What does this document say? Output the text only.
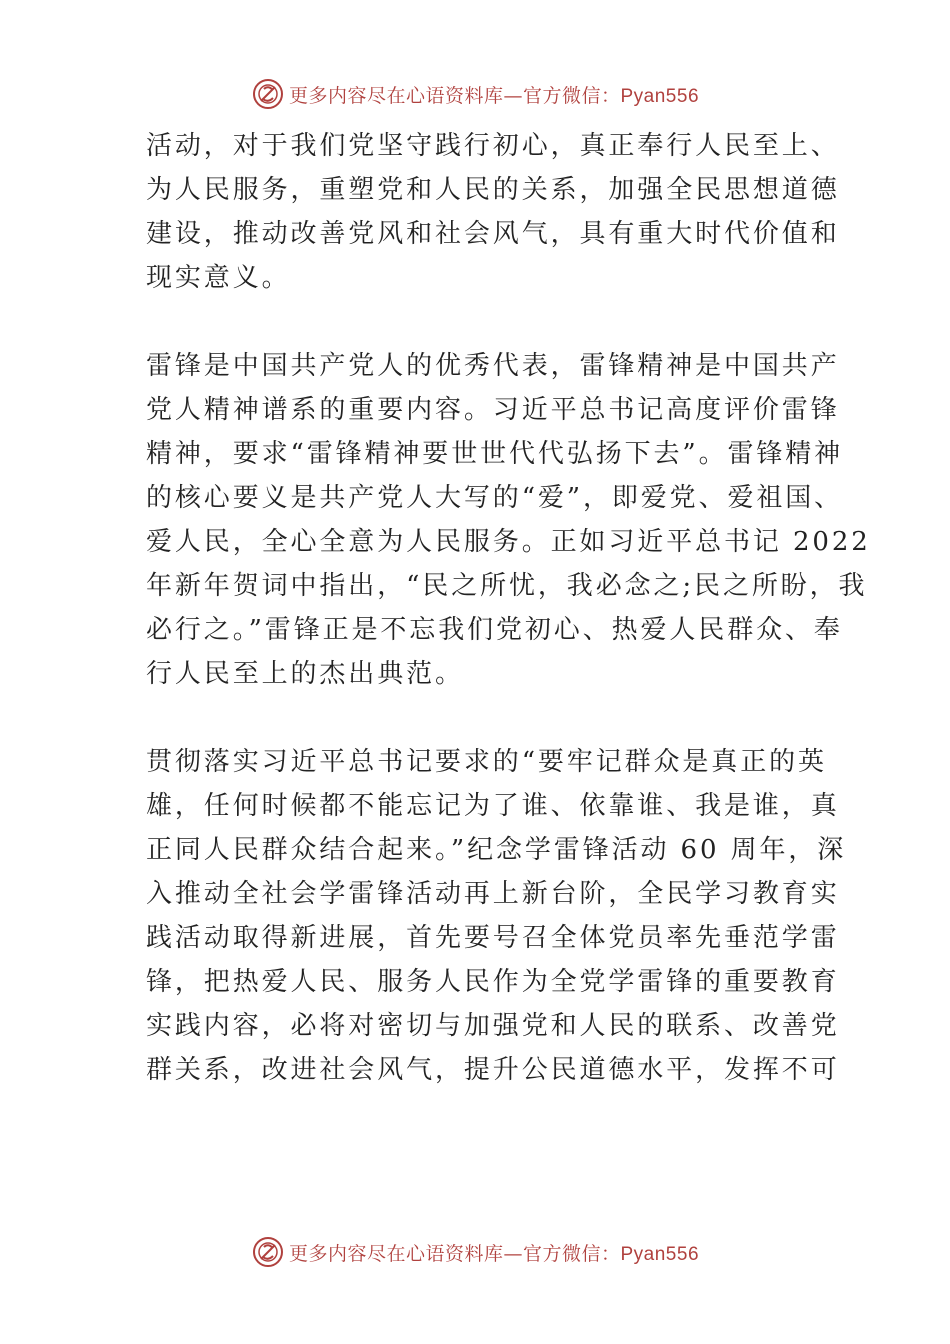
更多内容尽在心语资料库—官方微信：Pyan556
活动，对于我们党坚守践行初心，真正奉行人民至上、
为人民服务，重塑党和人民的关系，加强全民思想道德
建设，推动改善党风和社会风气，具有重大时代价值和
现实意义。
雷锋是中国共产党人的优秀代表，雷锋精神是中国共产
党人精神谱系的重要内容。习近平总书记高度评价雷锋
精神，要求“雷锋精神要世世代代弘扬下去”。雷锋精神
的核心要义是共产党人大写的“爱”，即爱党、爱祖国、
爱人民，全心全意为人民服务。正如习近平总书记 2022
年新年贺词中指出，“民之所忧，我必念之;民之所盼，我
必行之。”雷锋正是不忘我们党初心、热爱人民群众、奉
行人民至上的杰出典范。
贯彻落实习近平总书记要求的“要牢记群众是真正的英
雄，任何时候都不能忘记为了谁、依靠谁、我是谁，真
正同人民群众结合起来。”纪念学雷锋活动 60 周年，深
入推动全社会学雷锋活动再上新台阶，全民学习教育实
践活动取得新进展，首先要号召全体党员率先垂范学雷
锋，把热爱人民、服务人民作为全党学雷锋的重要教育
实践内容，必将对密切与加强党和人民的联系、改善党
群关系，改进社会风气，提升公民道德水平，发挥不可
更多内容尽在心语资料库—官方微信：Pyan556
